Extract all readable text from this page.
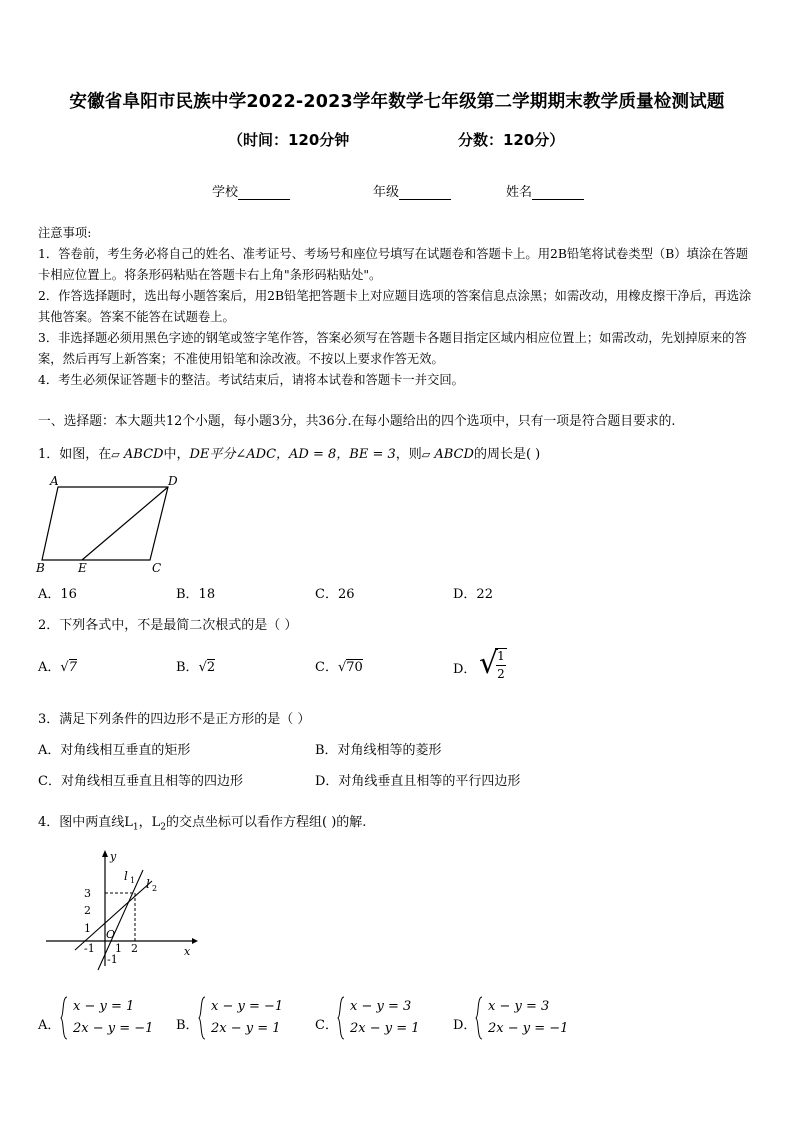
安徽省阜阳市民族中学2022-2023学年数学七年级第二学期期末教学质量检测试题
（时间：120分钟	分数：120分）
学校	年级	姓名

注意事项:

1．答卷前，考生务必将自己的姓名、准考证号、考场号和座位号填写在试题卷和答题卡上。用2B铅笔将试卷类型（B）填涂在答题卡相应位置上。将条形码粘贴在答题卡右上角"条形码粘贴处"。

2．作答选择题时，选出每小题答案后，用2B铅笔把答题卡上对应题目选项的答案信息点涂黑；如需改动，用橡皮擦干净后，再选涂其他答案。答案不能答在试题卷上。

3．非选择题必须用黑色字迹的钢笔或签字笔作答，答案必须写在答题卡各题目指定区域内相应位置上；如需改动，先划掉原来的答案，然后再写上新答案；不准使用铅笔和涂改液。不按以上要求作答无效。

4．考生必须保证答题卡的整洁。考试结束后，请将本试卷和答题卡一并交回。

一、选择题：本大题共12个小题，每小题3分，共36分.在每小题给出的四个选项中，只有一项是符合题目要求的.
1．如图，在▱ ABCD中，DE平分∠ADC，AD = 8，BE = 3，则▱ ABCD的周长是( )
A	D
B	E	C
A．16	B．18	C．26	D．22
2．下列各式中，不是最简二次根式的是（ ）
A．√7	B．√2	C．√70	D． √ 1
2
3．满足下列条件的四边形不是正方形的是（ ）
A．对角线相互垂直的矩形	B．对角线相等的菱形
C．对角线相互垂直且相等的四边形	D．对角线垂直且相等的平行四边形
4．图中两直线$L_1$，$L_2$的交点坐标可以看作方程组( )的解.
y
x
l 1 l 2
3
2
1 O
-1 1 2
-1
A．
x − y = 1
2x − y = −1 B．
x − y = −1
2x − y = 1	C．
x − y = 3
2x − y = 1	D．
x − y = 3
2x − y = −1
